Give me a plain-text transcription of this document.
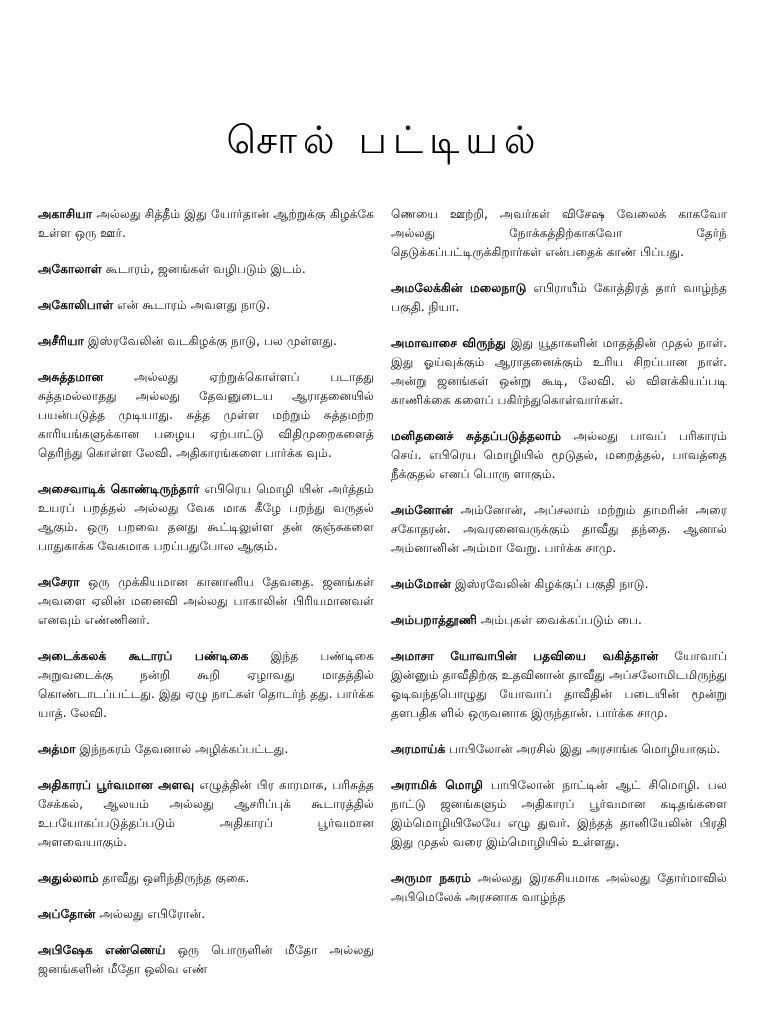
சொல் பட்டியல்

அகாசியா அல்லது சித்தீம் இது யோர்தான் ஆற்றுக்கு கிழக்கே உள்ள ஒரு ஊர்.

அகோலாள் கூடாரம், ஜனங்கள் வழிபடும் இடம்.

அகோலிபாள் என் கூடாரம் அவளது நாடு.

அசீரியா இஸ்ரவேலின் வடகிழக்கு நாடு, பல முள்ளது.

அசுத்தமான அல்லது ஏற்றுக்கொள்ளப் படாதது சுத்தமல்லாதது அல்லது தேவனுடைய ஆராதனையில் பயன்படுத்த முடியாது. சுத்த முள்ள மற்றும் சுத்தமற்ற காரியங்களுக்கான பழைய ஏற்பாட்டு விதிமுறைகளைத் தெரிந்து கொள்ள லேவி. அதிகாரங்களை பார்க்க வும்.

அசைவாடிக் கொண்டிருந்தார் எபிரெய மொழி யின் அர்த்தம் உயரப் பறத்தல் அல்லது வேக மாக கீழே பறந்து வருதல் ஆகும். ஒரு பறவை தனது கூட்டிலுள்ள தன் குஞ்சுகளை பாதுகாக்க வேகமாக பறப்பதுபோல ஆகும்.

அசேரா ஒரு முக்கியமான கானானிய தேவதை. ஜனங்கள் அவளை ஏலின் மனைவி அல்லது பாகாலின் பிரியமானவள் எனவும் எண்ணினர்.

அடைக்கலக் கூடாரப் பண்டிகை இந்த பண்டிகை அறுவடைக்கு நன்றி கூறி ஏழாவது மாதத்தில் கொண்டாடப்பட்டது. இது ஏழு நாட்கள் தொடர்ந் தது. பார்க்க யாத். லேவி.

அத்மா இந்நகரம் தேவனால் அழிக்கப்பட்டது.

அதிகாரப் பூர்வமான அளவு எழுத்தின் பிர காரமாக, பரிசுத்த சேக்கல், ஆலயம் அல்லது ஆசரிப்புக் கூடாரத்தில் உபயோகப்படுத்தப்படும் அதிகாரப் பூர்வமான அளவையாகும்.

அதுல்லாம் தாவீது ஒளிந்திருந்த குகை.

அப்தோன் அல்லது எபிரோன்.

அபிஷேக எண்ணெய் ஒரு பொருளின் மீதோ அல்லது ஜனங்களின் மீதோ ஒலிவ எண்

ணெயை ஊற்றி, அவர்கள் விசேஷ வேலைக் காகவோ அல்லது நோக்கத்திற்காகவோ தேர்ந் தெடுக்கப்பட்டிருக்கிறார்கள் என்பதைக் காண் பிப்பது.

அமலேக்கின் மலைநாடு எபிராயீம் கோத்திரத் தார் வாழ்ந்த பகுதி. நியா.

அமாவாசை விருந்து இது யூதாகளின் மாதத்தின் முதல் நாள். இது ஓய்வுக்கும் ஆராதனைக்கும் உரிய சிறப்பான நாள். அன்று ஜனங்கள் ஒன்று கூடி, லேவி. ல் விளக்கியப்படி காணிக்கை களைப் பகிர்ந்துகொள்வார்கள்.

மனிதனைச் சுத்தப்படுத்தலாம் அல்லது பாவப் பரிகாரம் செய். எபிரெய மொழியில் மூடுதல், மறைத்தல், பாவத்தை நீக்குதல் எனப் பொரு ளாகும்.

அம்னோன் அம்னோன், அப்சலாம் மற்றும் தாமரின் அரை சகோதரன். அவரனைவருக்கும் தாவீது தந்தை. ஆனால் அம்னானின் அம்மா வேறு. பார்க்க சாமு.

அம்மோன் இஸ்ரவேலின் கிழக்குப் பகுதி நாடு.

அம்பறாத்தூணி அம்புகள் வைக்கப்படும் பை.

அமாசா யோவாபின் பதவியை வகித்தான் யோவாப் இன்னும் தாவீதிற்கு உதவினான் தாவீது அப்சலோமிடமிருந்து ஓடிவந்தபொழுது யோவாப் தாவீதின் படையின் மூன்று தளபதிக ளில் ஒருவனாக இருந்தான். பார்க்க சாமு.

அரமாய்க் பாபிலோன் அரசில் இது அரசாங்க மொழியாகும்.

அராமிக் மொழி பாபிலோன் நாட்டின் ஆட் சிமொழி. பல நாட்டு ஜனங்களும் அதிகாரப் பூர்வமான கடிதங்களை இம்மொழியிலேயே எழு துவர். இந்தத் தானியேலின் பிரதி இது முதல் வரை இம்மொழியில் உள்ளது.

அருமா நகரம் அல்லது இரகசியமாக அல்லது தோர்மாவில் அபிமெலேக் அரசனாக வாழ்ந்த
